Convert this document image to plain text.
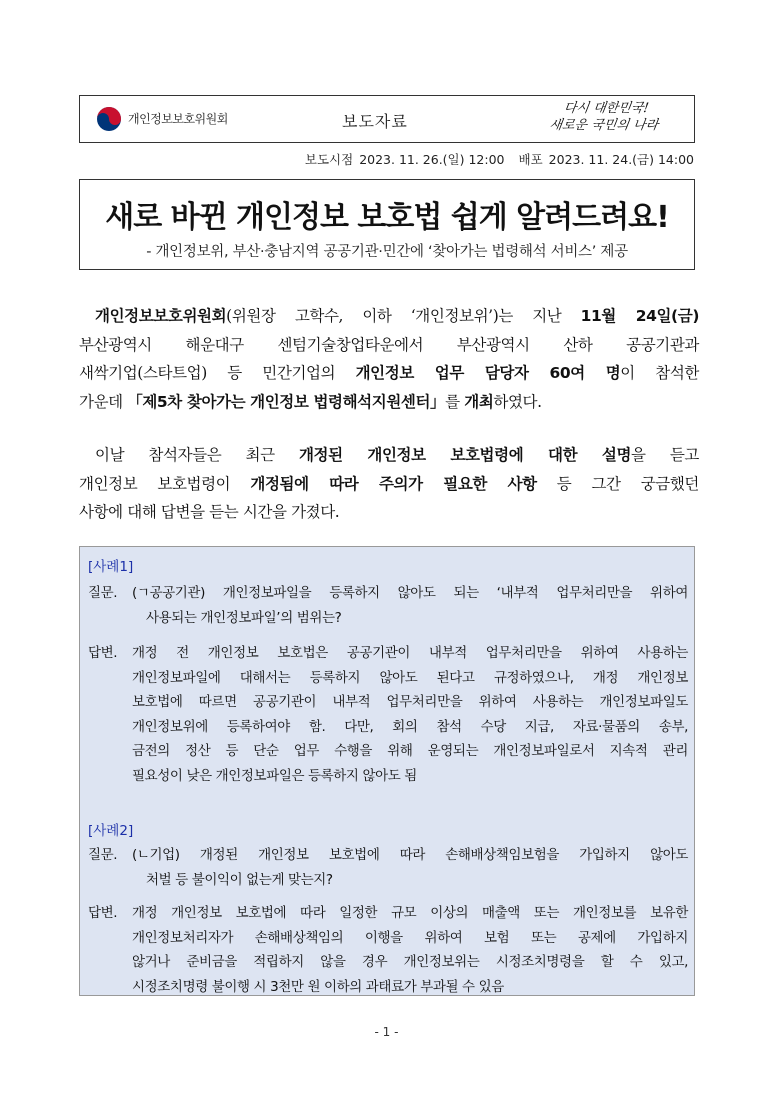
개인정보보호위원회	보도자료
다시 대한민국!
새로운 국민의 나라
보도시점 2023. 11. 26.(일) 12:00 배포 2023. 11. 24.(금) 14:00
새로 바뀐 개인정보 보호법 쉽게 알려드려요!
- 개인정보위, 부산·충남지역 공공기관·민간에 ‘찾아가는 법령해석 서비스’ 제공
개인정보보호위원회(위원장 고학수, 이하 ‘개인정보위’)는 지난 11월 24일(금)
부산광역시 해운대구 센텀기술창업타운에서 부산광역시 산하 공공기관과
새싹기업(스타트업) 등 민간기업의 개인정보 업무 담당자 60여 명이 참석한
가운데 「제5차 찾아가는 개인정보 법령해석지원센터」를 개최하였다.
이날 참석자들은 최근 개정된 개인정보 보호법령에 대한 설명을 듣고
개인정보 보호법령이 개정됨에 따라 주의가 필요한 사항 등 그간 궁금했던
사항에 대해 답변을 듣는 시간을 가졌다.
[사례1]
질문.	(ㄱ공공기관) 개인정보파일을 등록하지 않아도 되는 ‘내부적 업무처리만을 위하여
사용되는 개인정보파일’의 범위는?
답변.	개정 전 개인정보 보호법은 공공기관이 내부적 업무처리만을 위하여 사용하는
개인정보파일에 대해서는 등록하지 않아도 된다고 규정하였으나, 개정 개인정보
보호법에 따르면 공공기관이 내부적 업무처리만을 위하여 사용하는 개인정보파일도
개인정보위에 등록하여야 함. 다만, 회의 참석 수당 지급, 자료·물품의 송부,
금전의 정산 등 단순 업무 수행을 위해 운영되는 개인정보파일로서 지속적 관리
필요성이 낮은 개인정보파일은 등록하지 않아도 됨
[사례2]
질문.	(ㄴ기업) 개정된 개인정보 보호법에 따라 손해배상책임보험을 가입하지 않아도
처벌 등 불이익이 없는게 맞는지?
답변.	개정 개인정보 보호법에 따라 일정한 규모 이상의 매출액 또는 개인정보를 보유한
개인정보처리자가 손해배상책임의 이행을 위하여 보험 또는 공제에 가입하지
않거나 준비금을 적립하지 않을 경우 개인정보위는 시정조치명령을 할 수 있고,
시정조치명령 불이행 시 3천만 원 이하의 과태료가 부과될 수 있음
- 1 -
